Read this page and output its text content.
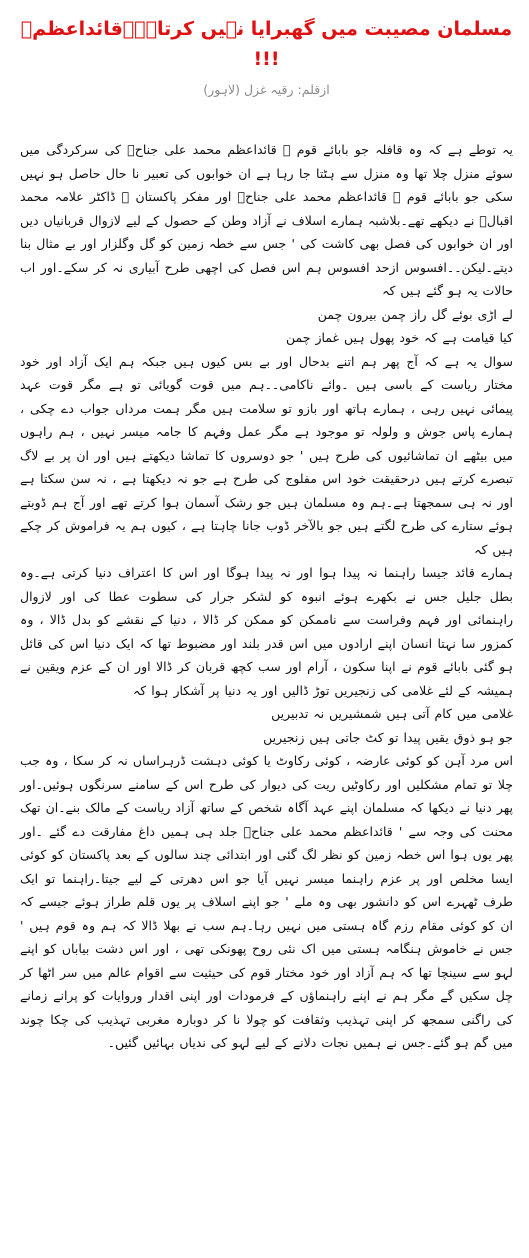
مسلمان مصیبت میں گھبرایا نہیں کرتا۔۔۔قائداعظمؒ !!!
ازقلم: رقیہ غزل (لاہور)

یہ توطے ہے کہ وہ قافلہ جو بابائے قوم ؒ قائداعظم محمد علی جناحؒ کی سرکردگی میں سوئے منزل چلا تھا وہ منزل سے ہٹتا جا رہا ہے ان خوابوں کی تعبیر نا حال حاصل ہو نہیں سکی جو بابائے قوم ؒ قائداعظم محمد علی جناحؒ اور مفکر پاکستان ؒ ڈاکٹر علامہ محمد اقبالؒ نے دیکھے تھے۔بلاشبہ ہمارے اسلاف نے آزاد وطن کے حصول کے لیے لازوال قربانیاں دیں اور ان خوابوں کی فصل بھی کاشت کی ' جس سے خطہ زمین کو گل وگلزار اور بے مثال بنا دیتے۔لیکن۔۔افسوس ازحد افسوس ہم اس فصل کی اچھی طرح آبیاری نہ کر سکے۔اور اب حالات یہ ہو گئے ہیں کہ

لے اڑی بوئے گل راز چمن بیرون چمن

کیا قیامت ہے کہ خود پھول ہیں غماز چمن

سوال یہ ہے کہ آج پھر ہم اتنے بدحال اور بے بس کیوں ہیں جبکہ ہم ایک آزاد اور خود مختار ریاست کے باسی ہیں ۔وائے ناکامی۔۔ہم میں قوت گویائی تو ہے مگر قوت عہد پیمائی نہیں رہی ، ہمارے ہاتھ اور بازو تو سلامت ہیں مگر ہمت مرداں جواب دے چکی ، ہمارے پاس جوش و ولولہ تو موجود ہے مگر عمل وفہم کا جامہ میسر نہیں ، ہم راہوں میں بیٹھے ان تماشائیوں کی طرح ہیں ' جو دوسروں کا تماشا دیکھتے ہیں اور ان پر بے لاگ تبصرے کرتے ہیں درحقیقت خود اس مفلوج کی طرح ہے جو نہ دیکھتا ہے ، نہ سن سکتا ہے اور نہ ہی سمجھتا ہے۔ہم وہ مسلمان ہیں جو رشک آسمان ہوا کرتے تھے اور آج ہم ڈوبتے ہوئے ستارے کی طرح لگتے ہیں جو بالآخر ڈوب جانا چاہتا ہے ، کیوں ہم یہ فراموش کر چکے ہیں کہ

ہمارے قائد جیسا راہنما نہ پیدا ہوا اور نہ پیدا ہوگا اور اس کا اعتراف دنیا کرتی ہے۔وہ بطل جلیل جس نے بکھرے ہوئے انبوہ کو لشکر جرار کی سطوت عطا کی اور لازوال راہنمائی اور فہم وفراست سے ناممکن کو ممکن کر ڈالا ، دنیا کے نقشے کو بدل ڈالا ، وہ کمزور سا نہتا انسان اپنے ارادوں میں اس قدر بلند اور مضبوط تھا کہ ایک دنیا اس کی قائل ہو گئی بابائے قوم نے اپنا سکون ، آرام اور سب کچھ قربان کر ڈالا اور ان کے عزم ویقین نے ہمیشہ کے لئے غلامی کی زنجیریں توڑ ڈالیں اور یہ دنیا پر آشکار ہوا کہ

غلامی میں کام آتی ہیں شمشیریں نہ تدبیریں

جو ہو ذوق یقیں پیدا تو کٹ جاتی ہیں زنجیریں

اس مرد آہن کو کوئی عارضہ ، کوئی رکاوٹ یا کوئی دہشت ڈرہراساں نہ کر سکا ، وہ جب چلا تو تمام مشکلیں اور رکاوٹیں ریت کی دیوار کی طرح اس کے سامنے سرنگوں ہوئیں۔اور پھر دنیا نے دیکھا کہ مسلمان اپنے عہد آگاہ شخص کے ساتھ آزاد ریاست کے مالک بنے۔ان تھک محنت کی وجہ سے ' قائداعظم محمد علی جناحؒ جلد ہی ہمیں داغ مفارقت دے گئے ۔اور پھر یوں ہوا اس خطہ زمین کو نظر لگ گئی اور ابتدائی چند سالوں کے بعد پاکستان کو کوئی ایسا مخلص اور پر عزم راہنما میسر نہیں آیا جو اس دھرتی کے لیے جیتا۔راہنما تو ایک طرف ٹھہرے اس کو دانشور بھی وہ ملے ' جو اپنے اسلاف پر یوں قلم طراز ہوئے جیسے کہ ان کو کوئی مقام رزم گاہ ہستی میں نہیں رہا۔ہم سب نے بھلا ڈالا کہ ہم وہ قوم ہیں ' جس نے خاموش ہنگامہ ہستی میں اک نئی روح پھونکی تھی ، اور اس دشت بیاباں کو اپنے لہو سے سینچا تھا کہ ہم آزاد اور خود مختار قوم کی حیثیت سے اقوام عالم میں سر اٹھا کر چل سکیں گے مگر ہم نے اپنے راہنماؤں کے فرمودات اور اپنی اقدار وروایات کو پرانے زمانے کی راگنی سمجھ کر اپنی تہذیب وثقافت کو چولا نا کر دوبارہ مغربی تہذیب کی چکا چوند میں گم ہو گئے۔جس نے ہمیں نجات دلانے کے لیے لہو کی ندیاں بہائیں گئیں۔
